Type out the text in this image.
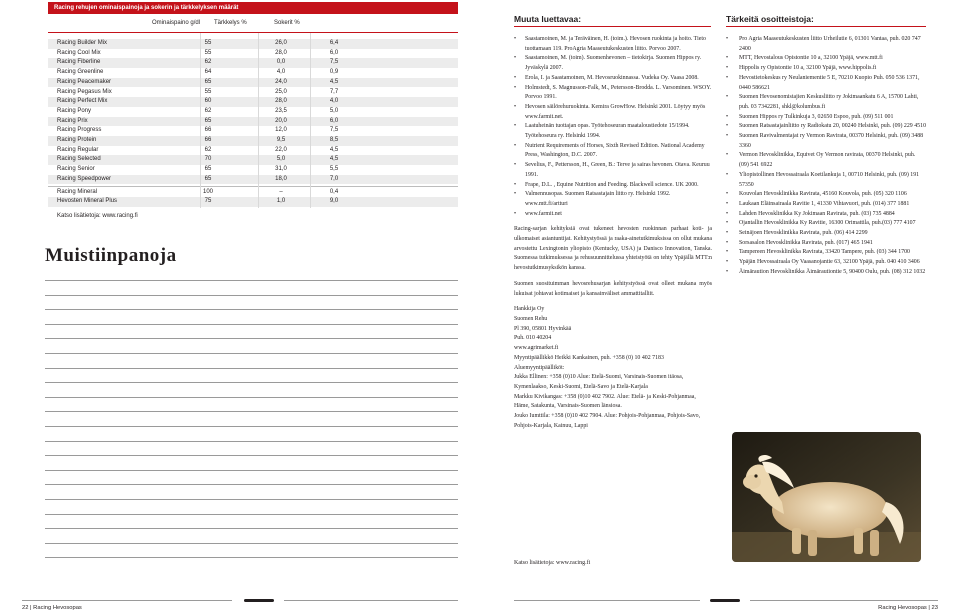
Racing rehujen ominaispainoja ja sokerin ja tärkkelyksen määrät
Ominaispaino g/dl Tärkkelys %	Sokerit %
Racing Builder Mix	55	26,0	6,4
Racing Cool Mix	55	28,0	6,0
Racing Fiberline	62	0,0	7,5
Racing Greenline	64	4,0	0,9
Racing Peacemaker	65	24,0	4,5
Racing Pegasus Mix	55	25,0	7,7
Racing Perfect Mix	60	28,0	4,0
Racing Pony	62	23,5	5,0
Racing Prix	65	20,0	6,0
Racing Progress	66	12,0	7,5
Racing Protein	66	9,5	8,5
Racing Regular	62	22,0	4,5
Racing Selected	70	5,0	4,5
Racing Senior	65	31,0	5,5
Racing Speedpower	65	18,0	7,0
Racing Mineral	100	–	0,4
Hevosten Mineral Plus	75	1,0	9,0
Katso lisätietoja: www.racing.fi
Muistiinpanoja
Muuta luettavaa:
• Saastamoinen, M. ja Teräväinen, H. (toim.). Hevosen ruokinta ja hoito. Tieto tuottamaan 119. ProAgria Maaseutukeskusten liitto. Porvoo 2007.
• Saastamoinen, M. (toim). Suomenhevonen – tietokirja. Suomen Hippos ry. Jyväskylä 2007.
• Erola, I. ja Saastamoinen, M. Hevosruokinnassa. Vudeka Oy. Vaasa 2008.
• Holmstedt, S. Magnusson-Falk, M., Petersson-Brodda. L. Varsominen. WSOY. Porvoo 1991.
• Hevosen säilörehuruokinta. Kemira GrowHow. Helsinki 2001. Löytyy myös www.farmit.net.
• Laatuheinän tuottajan opas. Työtehoseuran maataloustiedote 15/1994. Työtehoseura ry. Helsinki 1994.
• Nutrient Requirements of Horses, Sixth Revised Edition. National Academy Press, Washington, D.C. 2007.
• Sevelius, F., Pettersson, H., Green, B.: Terve ja sairas hevonen. Otava. Keuruu 1991.
• Frape, D.L. , Equine Nutrition and Feeding. Blackwell science. UK 2000.
• Valmennusopas. Suomen Ratsastajain liitto ry. Helsinki 1992. www.mtt.fi/artturi
• www.farmit.net
Racing-sarjan kehityksiä ovat tukeneet hevosten ruokinnan parhaat koti- ja ulkomaiset asiantuntijat. Kehitystyössä ja raaka-ainetutkimuksissa on ollut mukana arvostettu Lexingtonin yliopisto (Kentucky, USA) ja Danisco Innovation, Tanska. Suomessa tutkimuksessa ja rehusuunnittelussa yhteistyötä on tehty Ypäjällä MTT:n hevostutkimusyksikön kanssa.
Suomen suosituimman hevosrehusarjan kehitystyössä ovat olleet mukana myös lukuisat johtavat kotimaiset ja kansainväliset ammattitalliit.
Hankkija Oy
Suomen Rehu
Pl 390, 05801 Hyvinkää
Puh. 010 40204
www.agrimarket.fi
Myyntipäällikkö Heikki Kankainen, puh. +358 (0) 10 402 7183
Aluemyyntipäälliköt:
Jukka Ellinen: +358 (0)10 Alue: Etelä-Suomi, Varsinais-Suomen itäosa, Kymenlaakso, Keski-Suomi, Etelä-Savo ja Etelä-Karjala
Markku Kivikangas: +358 (0)10 402 7902. Alue: Etelä- ja Keski-Pohjanmaa, Häme, Satakunta, Varsinais-Suomen länsiosa.
Jouko Iumttila: +358 (0)10 402 7904. Alue: Pohjois-Pohjanmaa, Pohjois-Savo, Pohjois-Karjala, Kainuu, Lappi
Katso lisätietoja: www.racing.fi
Tärkeitä osoitteistoja:
• Pro Agria Maaseutukeskusten liitto Urheilutie 6, 01301 Vantaa, puh. 020 747 2400
• MTT, Hevostalous Opistontie 10 a, 32100 Ypäjä, www.mtt.fi
• Hippolis ry Opistontie 10 a, 32100 Ypäjä, www.hippolis.fi
• Hevostietokeskus ry Neulaniementie 5 E, 70210 Kuopio Puh. 050 536 1371, 0440 586621
• Suomen Hevosenomistajien Keskusliitto ry Jokimaankatu 6 A, 15700 Lahti, puh. 03 7342281, shkl@kolumbus.fi
• Suomen Hippos ry Tulkinkuja 3, 02650 Espoo, puh. (09) 511 001
• Suomen Ratsastajainliitto ry Radiokatu 20, 00240 Helsinki, puh. (09) 229 4510
• Suomen Ravivalmentajat ry Vermon Ravirata, 00370 Helsinki, puh. (09) 3488 3360
• Vermon Hevosklinikka, Equivet Oy Vermon ravirata, 00370 Helsinki, puh. (09) 541 6922
• Yliopistollinen Hevossairaala Koetilankuja 1, 00710 Helsinki, puh. (09) 191 57350
• Kouvolan Hevosklinikka Ravirata, 45160 Kouvola, puh. (05) 320 1106
• Laukaan Eläinsairaala Ravitie 1, 41330 Vihtavuori, puh. (014) 377 1881
• Lahden Hevosklinikka Ky Jokimaan Ravirata, puh. (03) 735 4884
• Ojantallin Hevosklinikka Ky Ravitie, 16300 Orimattila, puh.(03) 777 4107
• Seinäjoen Hevosklinikka Ravirata, puh. (06) 414 2299
• Sorsasalon Hevosklinikka Ravirata, puh. (017) 465 1941
• Tampereen Hevosklinikka Ravirata, 33420 Tampere, puh. (03) 344 1700
• Ypäjän Hevossairaala Oy Vaasanojantie 63, 32100 Ypäjä, puh. 040 410 3406
• Äimäraution Hevosklinikka Äimärautiontie 5, 90400 Oulu, puh. (08) 312 1032
22 | Racing Hevosopas	Racing Hevosopas | 23
